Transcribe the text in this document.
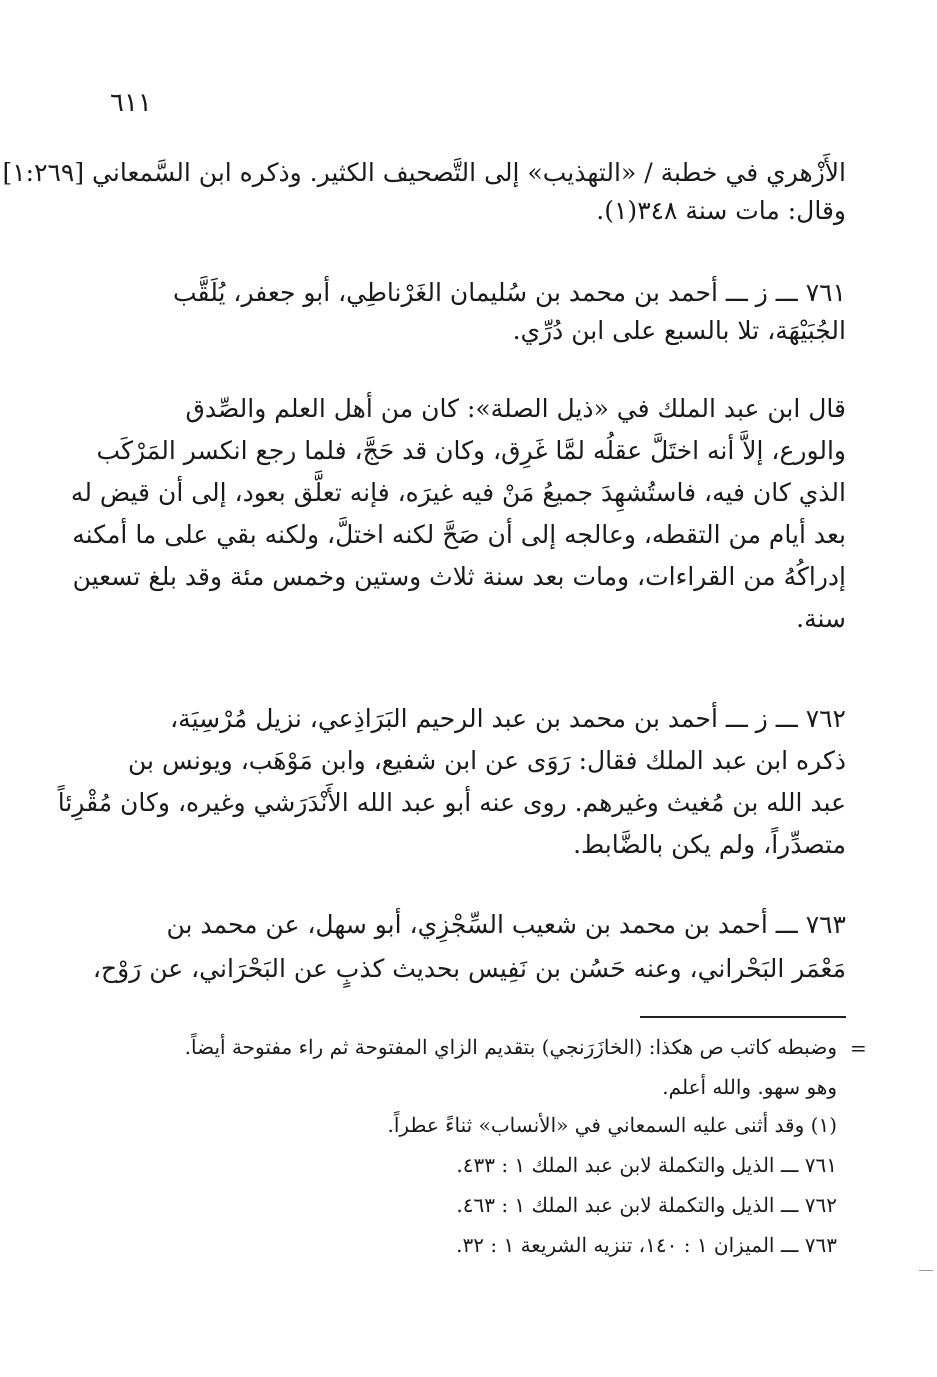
٦١١
الأَزْهري في خطبة / «التهذيب» إلى التَّصحيف الكثير. وذكره ابن السَّمعاني [١:٢٦٩]
وقال: مات سنة ٣٤٨(١).
٧٦١ ـــ ز ـــ أحمد بن محمد بن سُليمان الغَرْناطِي، أبو جعفر، يُلَقَّب
الجُبَيْهَة، تلا بالسبع على ابن دُرِّي.
قال ابن عبد الملك في «ذيل الصلة»: كان من أهل العلم والصِّدق
والورع، إلاَّ أنه اختَلَّ عقلُه لمَّا غَرِق، وكان قد حَجَّ، فلما رجع انكسر المَرْكَب
الذي كان فيه، فاستُشهِدَ جميعُ مَنْ فيه غيرَه، فإنه تعلَّق بعود، إلى أن قيض له
بعد أيام من التقطه، وعالجه إلى أن صَحَّ لكنه اختلَّ، ولكنه بقي على ما أمكنه
إدراكُهُ من القراءات، ومات بعد سنة ثلاث وستين وخمس مئة وقد بلغ تسعين
سنة.
٧٦٢ ـــ ز ـــ أحمد بن محمد بن عبد الرحيم البَرَاذِعي، نزيل مُرْسِيَة،
ذكره ابن عبد الملك فقال: رَوَى عن ابن شفيع، وابن مَوْهَب، ويونس بن
عبد الله بن مُغيث وغيرهم. روى عنه أبو عبد الله الأَنْدَرَشي وغيره، وكان مُقْرِئاً
متصدِّراً، ولم يكن بالضَّابط.
٧٦٣ ـــ أحمد بن محمد بن شعيب السِّجْزِي، أبو سهل، عن محمد بن
مَعْمَر البَحْراني، وعنه حَسُن بن نَفِيس بحديث كذبٍ عن البَحْرَاني، عن رَوْح،
=
وضبطه كاتب ص هكذا: (الخازَرَنجي) بتقديم الزاي المفتوحة ثم راء مفتوحة أيضاً.
وهو سهو. والله أعلم.
(١) وقد أثنى عليه السمعاني في «الأنساب» ثناءً عطراً.
٧٦١ ـــ الذيل والتكملة لابن عبد الملك ١ : ٤٣٣.
٧٦٢ ـــ الذيل والتكملة لابن عبد الملك ١ : ٤٦٣.
٧٦٣ ـــ الميزان ١ : ١٤٠، تنزيه الشريعة ١ : ٣٢.
